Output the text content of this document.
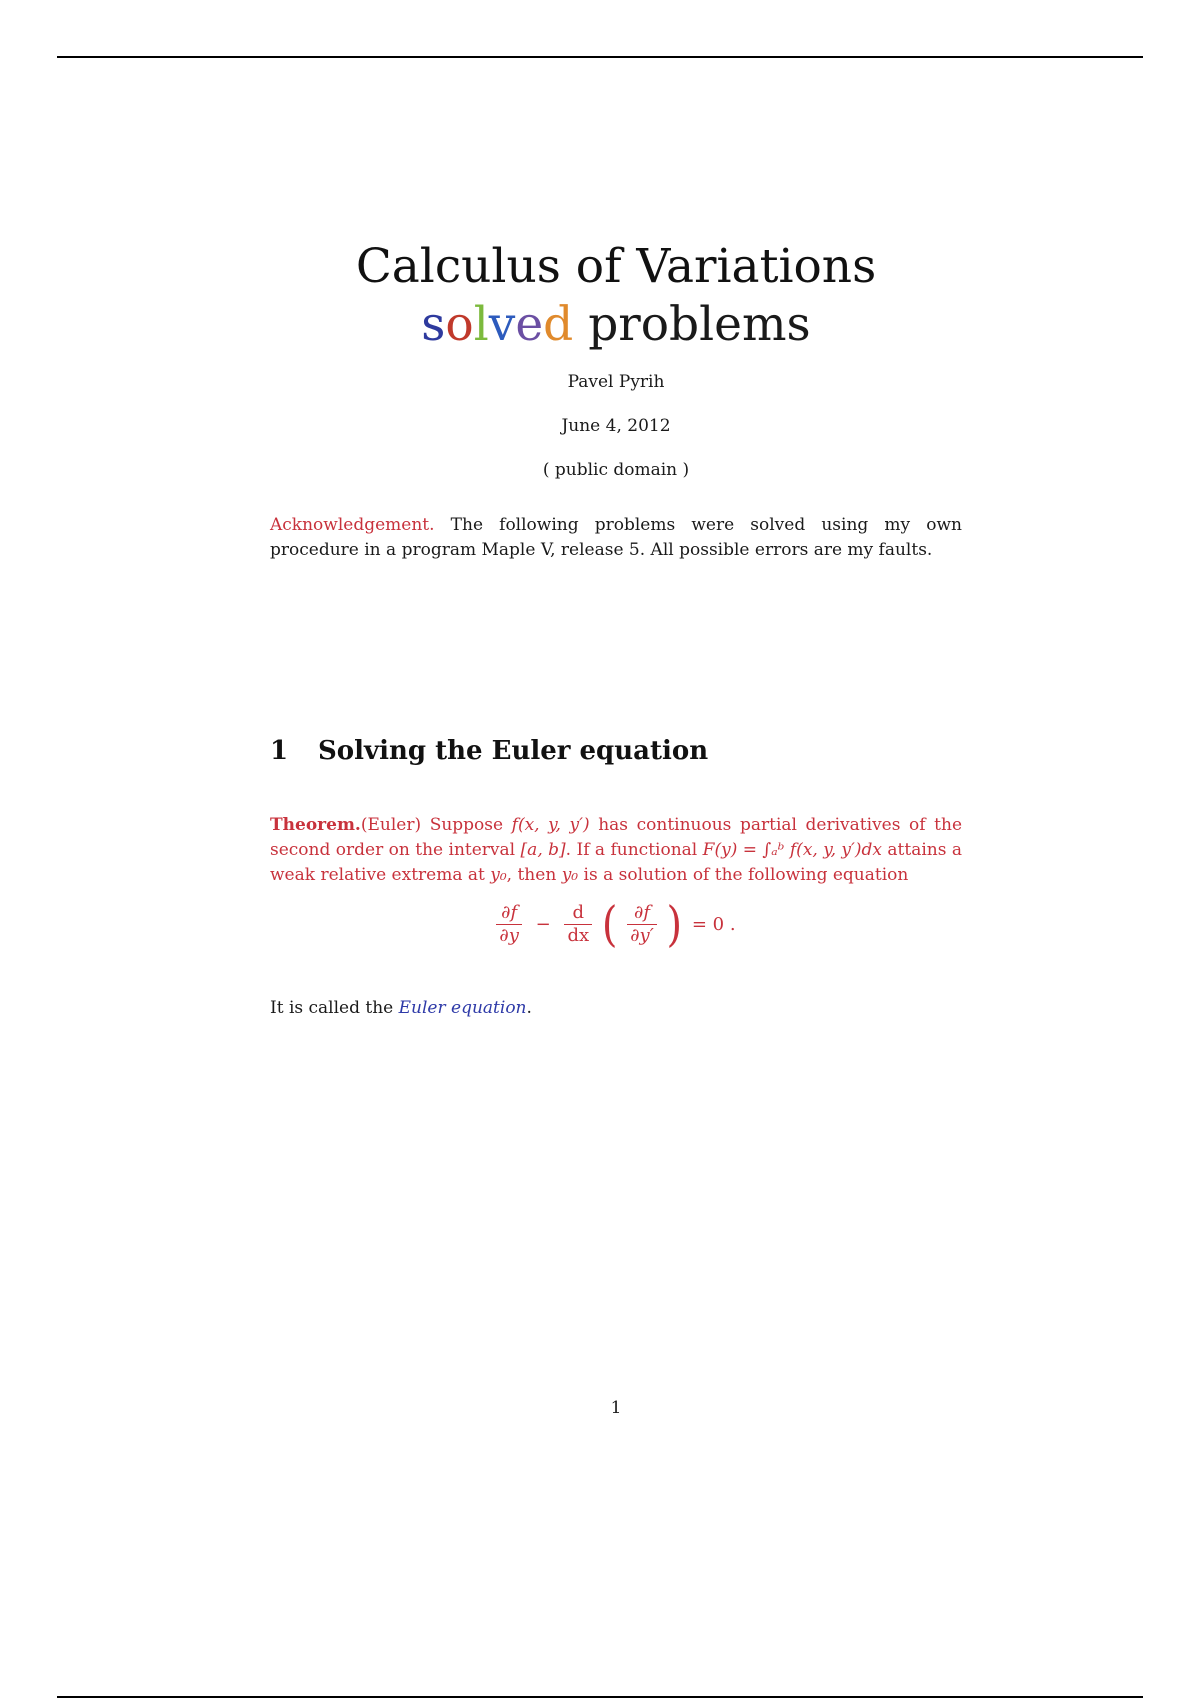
Calculus of Variations
solved problems
Pavel Pyrih
June 4, 2012
( public domain )
Acknowledgement. The following problems were solved using my own procedure in a program Maple V, release 5. All possible errors are my faults.
1 Solving the Euler equation
Theorem.(Euler) Suppose f(x, y, y′) has continuous partial derivatives of the second order on the interval [a, b]. If a functional F(y) = ∫ₐᵇ f(x, y, y′)dx attains a weak relative extrema at y₀, then y₀ is a solution of the following equation
$\frac{\partial f}{\partial y} - \frac{d}{dx}$ ( $\frac{\partial f}{\partial y'}$ ) = 0 .
It is called the Euler equation.
1
